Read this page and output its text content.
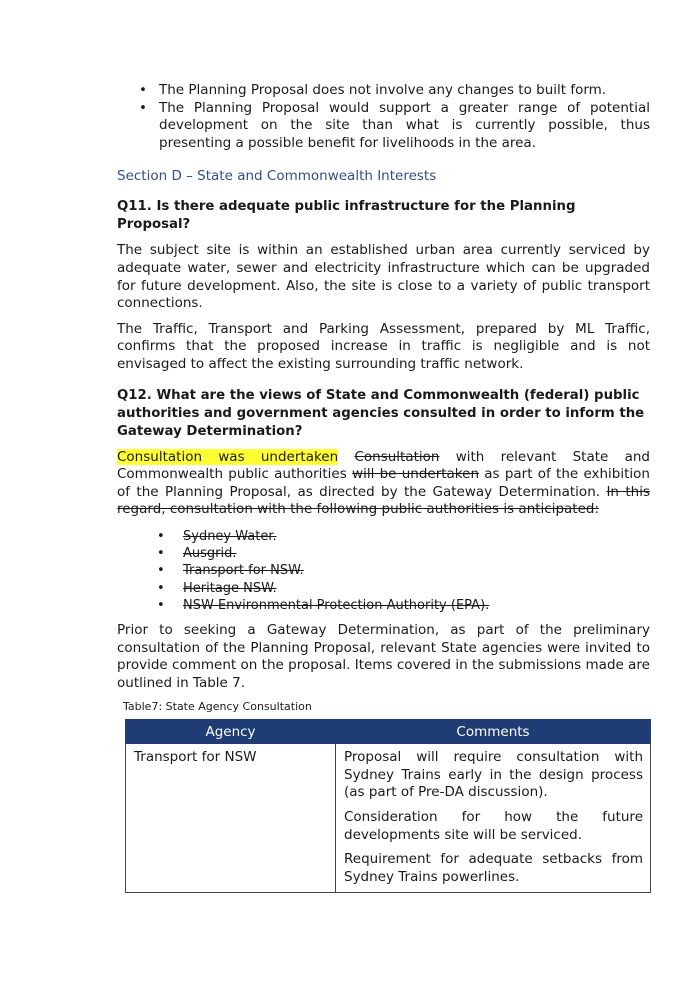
• The Planning Proposal does not involve any changes to built form.
• The Planning Proposal would support a greater range of potential development on the site than what is currently possible, thus presenting a possible benefit for livelihoods in the area.
Section D – State and Commonwealth Interests

Q11. Is there adequate public infrastructure for the Planning Proposal?

The subject site is within an established urban area currently serviced by adequate water, sewer and electricity infrastructure which can be upgraded for future development. Also, the site is close to a variety of public transport connections.

The Traffic, Transport and Parking Assessment, prepared by ML Traffic, confirms that the proposed increase in traffic is negligible and is not envisaged to affect the existing surrounding traffic network.

Q12. What are the views of State and Commonwealth (federal) public authorities and government agencies consulted in order to inform the Gateway Determination?

Consultation was undertaken Consultation with relevant State and Commonwealth public authorities will be undertaken as part of the exhibition of the Planning Proposal, as directed by the Gateway Determination. In this regard, consultation with the following public authorities is anticipated:

• Sydney Water.
• Ausgrid.
• Transport for NSW.
• Heritage NSW.
• NSW Environmental Protection Authority (EPA).

Prior to seeking a Gateway Determination, as part of the preliminary consultation of the Planning Proposal, relevant State agencies were invited to provide comment on the proposal. Items covered in the submissions made are outlined in Table 7.

Table7: State Agency Consultation
Agency	Comments
Transport for NSW	Proposal will require consultation with Sydney Trains early in the design process (as part of Pre-DA discussion).

Consideration for how the future developments site will be serviced.

Requirement for adequate setbacks from Sydney Trains powerlines.
